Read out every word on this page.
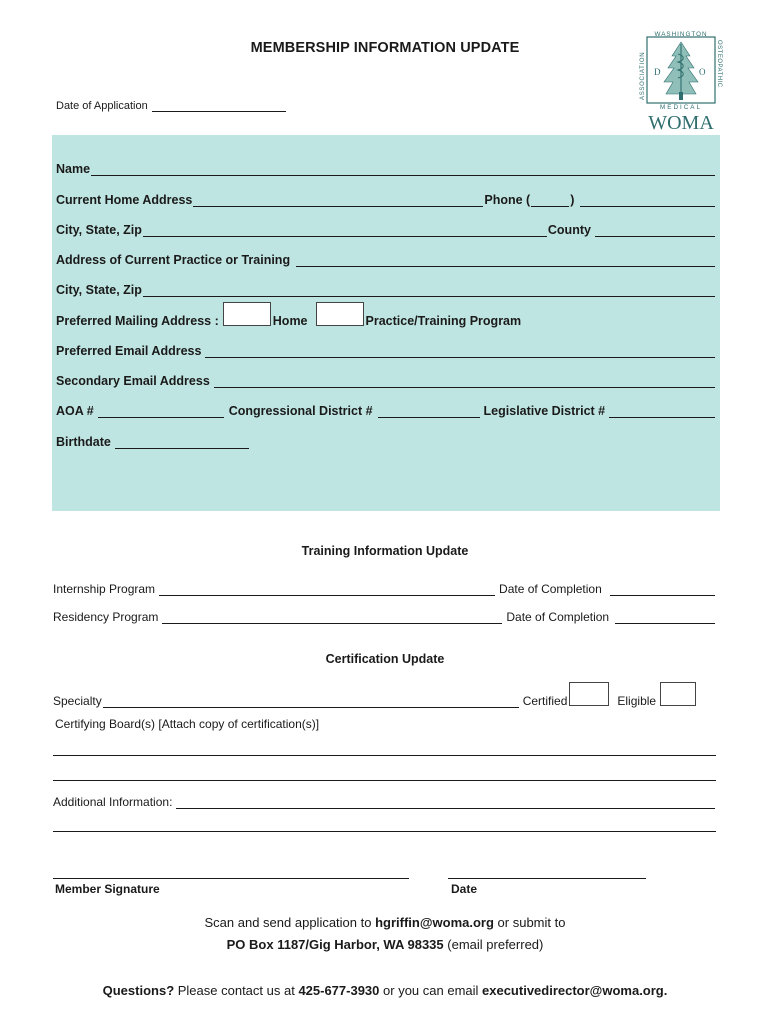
MEMBERSHIP INFORMATION UPDATE
Date of Application
WASHINGTON
MEDICAL
ASSOCIATION	OSTEOPATHIC
D	O
WOMA
Name
Current Home Address	Phone (	)
City, State, Zip	County
Address of Current Practice or Training
City, State, Zip
Preferred Mailing Address :	Home	Practice/Training Program
Preferred Email Address
Secondary Email Address
AOA #	Congressional District #	Legislative District #
Birthdate
Training Information Update
Internship Program	Date of Completion
Residency Program	Date of Completion
Certification Update
Specialty	Certified	Eligible
Certifying Board(s) [Attach copy of certification(s)]
Additional Information:
Member Signature	Date
Scan and send application to hgriffin@woma.org or submit to
PO Box 1187/Gig Harbor, WA 98335 (email preferred)
Questions? Please contact us at 425-677-3930 or you can email executivedirector@woma.org.
